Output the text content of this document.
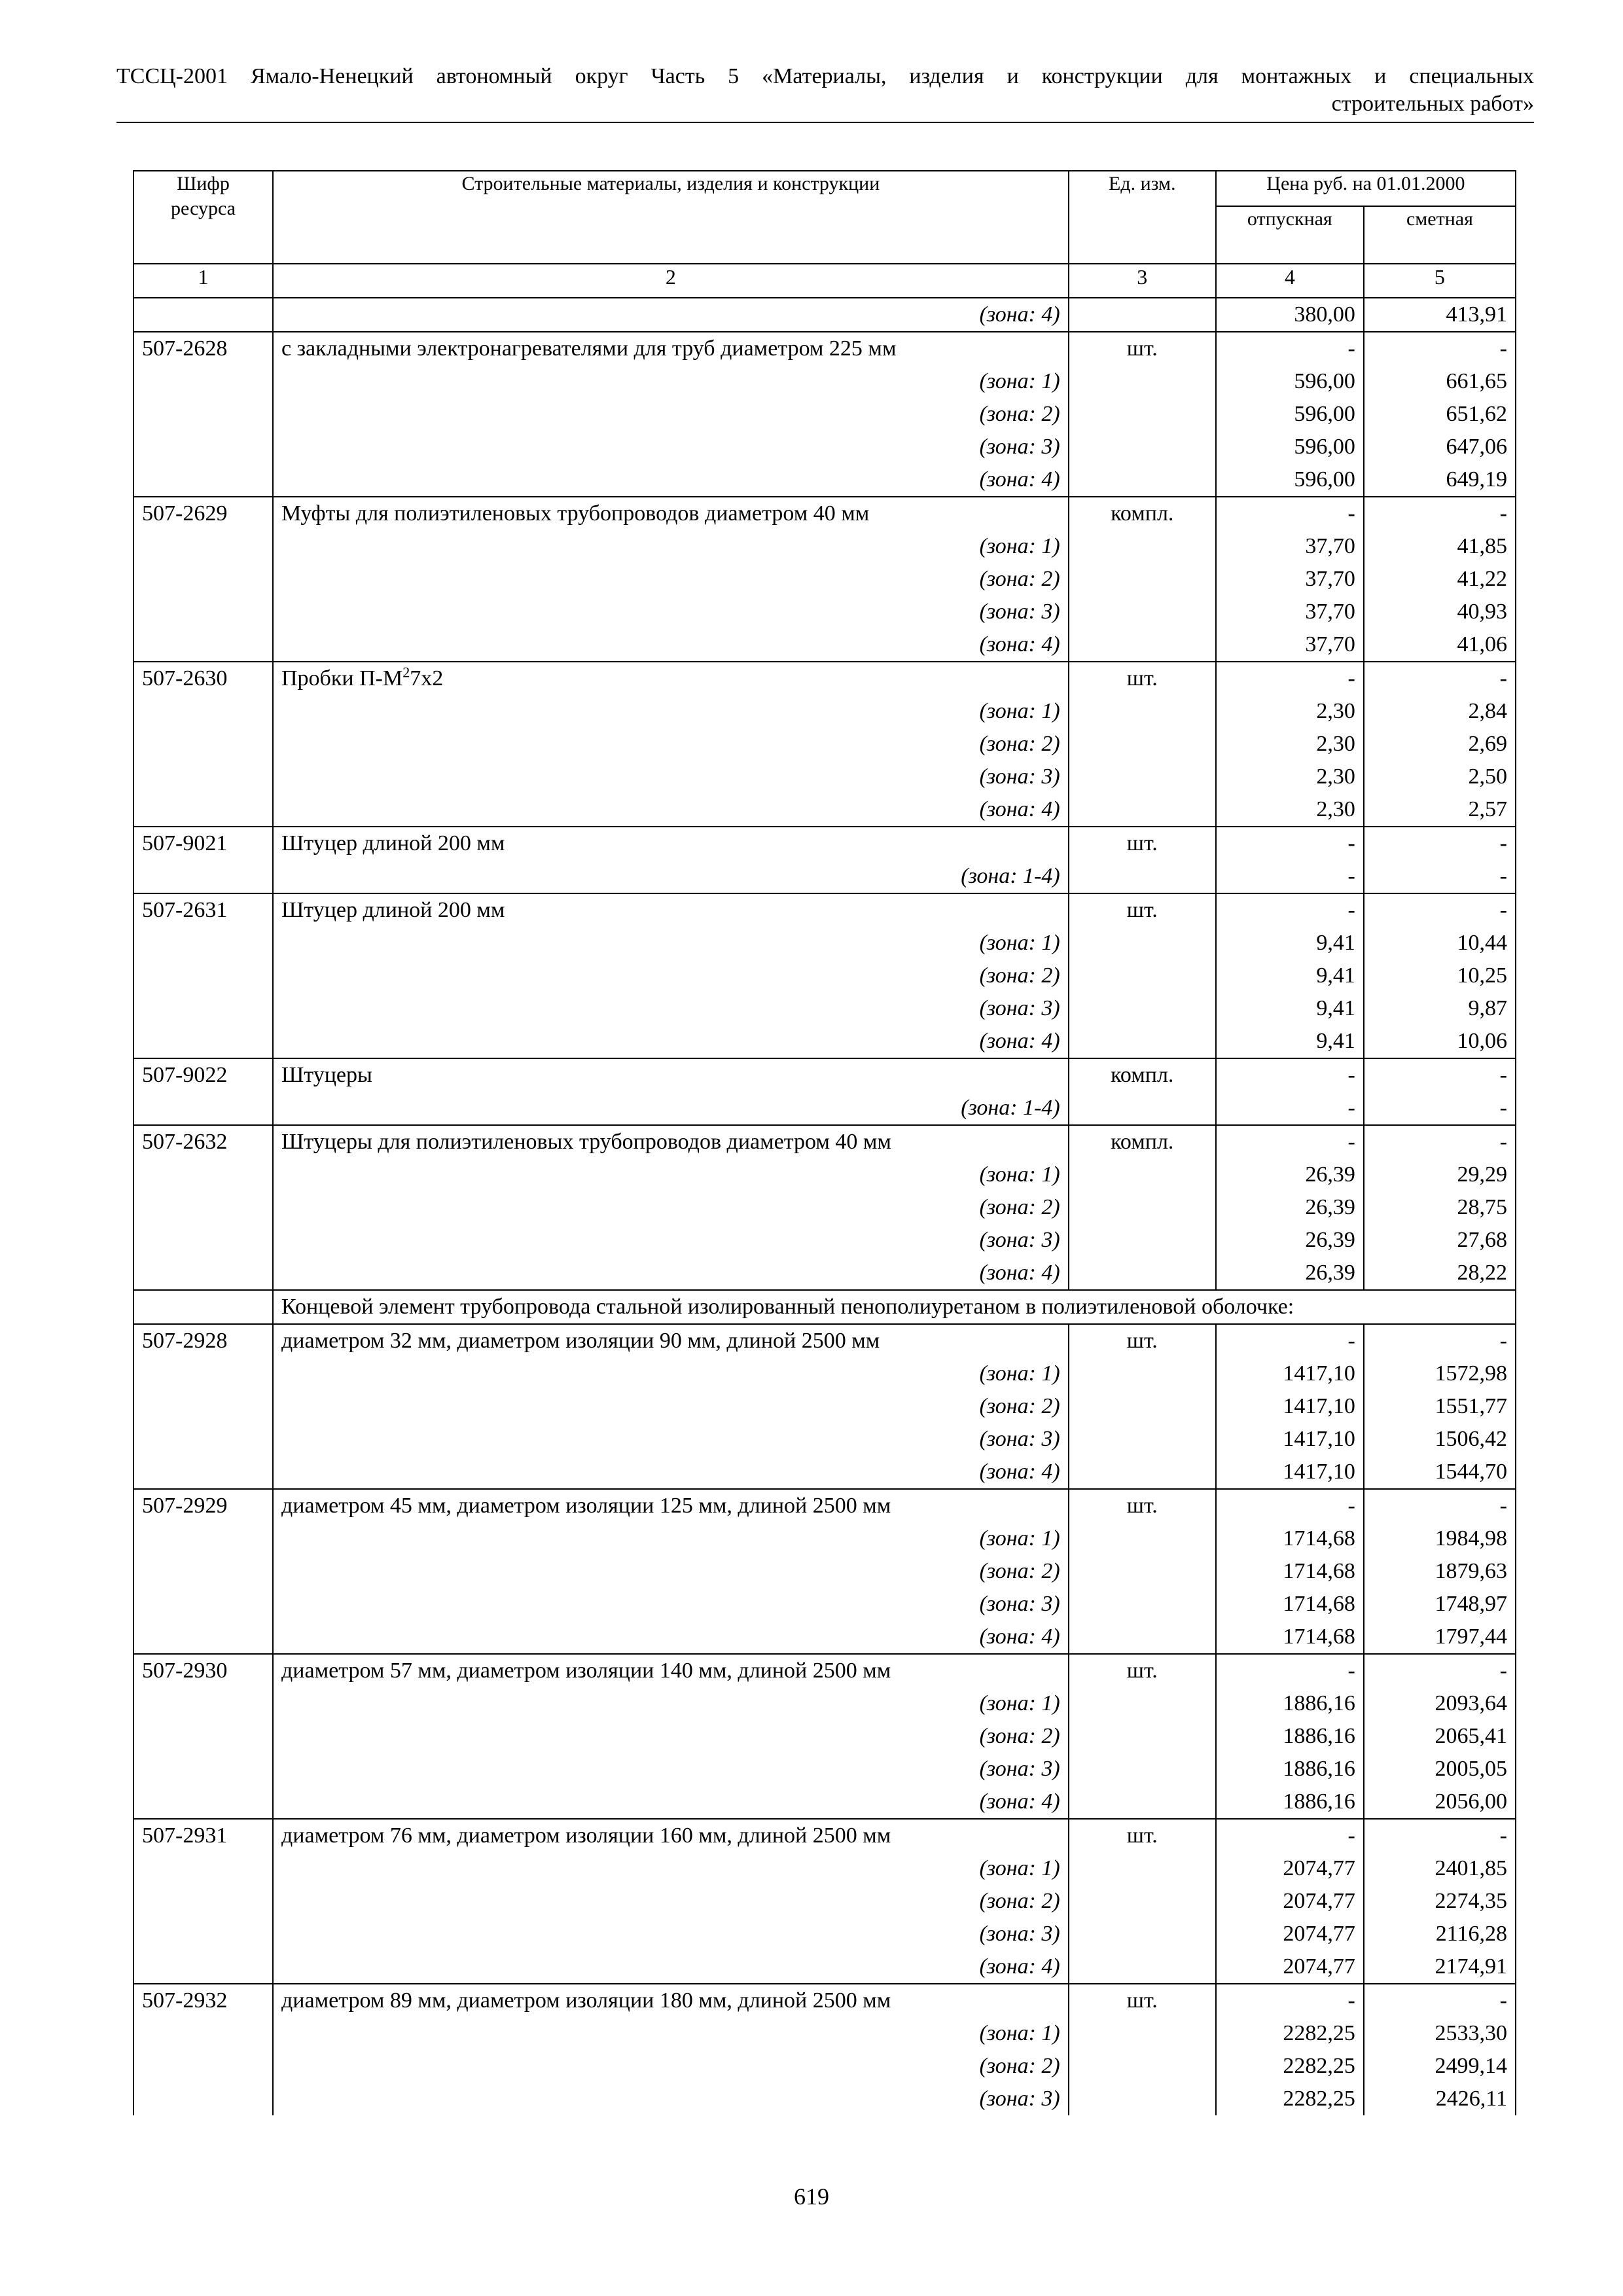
ТССЦ-2001 Ямало-Ненецкий автономный округ Часть 5 «Материалы, изделия и конструкции для монтажных и специальных
строительных работ»
Шифр ресурса	Строительные материалы, изделия и конструкции	Ед. изм.	Цена руб. на 01.01.2000	
			отпускная	сметная
1	2	3	4	5
	(зона: 4)		380,00	413,91
507-2628	с закладными электронагревателями для труб диаметром 225 мм	шт.	-	-
	(зона: 1)		596,00	661,65
	(зона: 2)		596,00	651,62
	(зона: 3)		596,00	647,06
	(зона: 4)		596,00	649,19
507-2629	Муфты для полиэтиленовых трубопроводов диаметром 40 мм	компл.	-	-
	(зона: 1)		37,70	41,85
	(зона: 2)		37,70	41,22
	(зона: 3)		37,70	40,93
	(зона: 4)		37,70	41,06
507-2630	Пробки $П-М^27х2$	шт.	-	-
	(зона: 1)		2,30	2,84
	(зона: 2)		2,30	2,69
	(зона: 3)		2,30	2,50
	(зона: 4)		2,30	2,57
507-9021	Штуцер длиной 200 мм	шт.	-	-
	(зона: 1-4)		-	-
507-2631	Штуцер длиной 200 мм	шт.	-	-
	(зона: 1)		9,41	10,44
	(зона: 2)		9,41	10,25
	(зона: 3)		9,41	9,87
	(зона: 4)		9,41	10,06
507-9022	Штуцеры	компл.	-	-
	(зона: 1-4)		-	-
507-2632	Штуцеры для полиэтиленовых трубопроводов диаметром 40 мм	компл.	-	-
	(зона: 1)		26,39	29,29
	(зона: 2)		26,39	28,75
	(зона: 3)		26,39	27,68
	(зона: 4)		26,39	28,22
	Концевой элемент трубопровода стальной изолированный пенополиуретаном в полиэтиленовой оболочке:			
507-2928	диаметром 32 мм, диаметром изоляции 90 мм, длиной 2500 мм	шт.	-	-
	(зона: 1)		1417,10	1572,98
	(зона: 2)		1417,10	1551,77
	(зона: 3)		1417,10	1506,42
	(зона: 4)		1417,10	1544,70
507-2929	диаметром 45 мм, диаметром изоляции 125 мм, длиной 2500 мм	шт.	-	-
	(зона: 1)		1714,68	1984,98
	(зона: 2)		1714,68	1879,63
	(зона: 3)		1714,68	1748,97
	(зона: 4)		1714,68	1797,44
507-2930	диаметром 57 мм, диаметром изоляции 140 мм, длиной 2500 мм	шт.	-	-
	(зона: 1)		1886,16	2093,64
	(зона: 2)		1886,16	2065,41
	(зона: 3)		1886,16	2005,05
	(зона: 4)		1886,16	2056,00
507-2931	диаметром 76 мм, диаметром изоляции 160 мм, длиной 2500 мм	шт.	-	-
	(зона: 1)		2074,77	2401,85
	(зона: 2)		2074,77	2274,35
	(зона: 3)		2074,77	2116,28
	(зона: 4)		2074,77	2174,91
507-2932	диаметром 89 мм, диаметром изоляции 180 мм, длиной 2500 мм	шт.	-	-
	(зона: 1)		2282,25	2533,30
	(зона: 2)		2282,25	2499,14
	(зона: 3)		2282,25	2426,11
619
